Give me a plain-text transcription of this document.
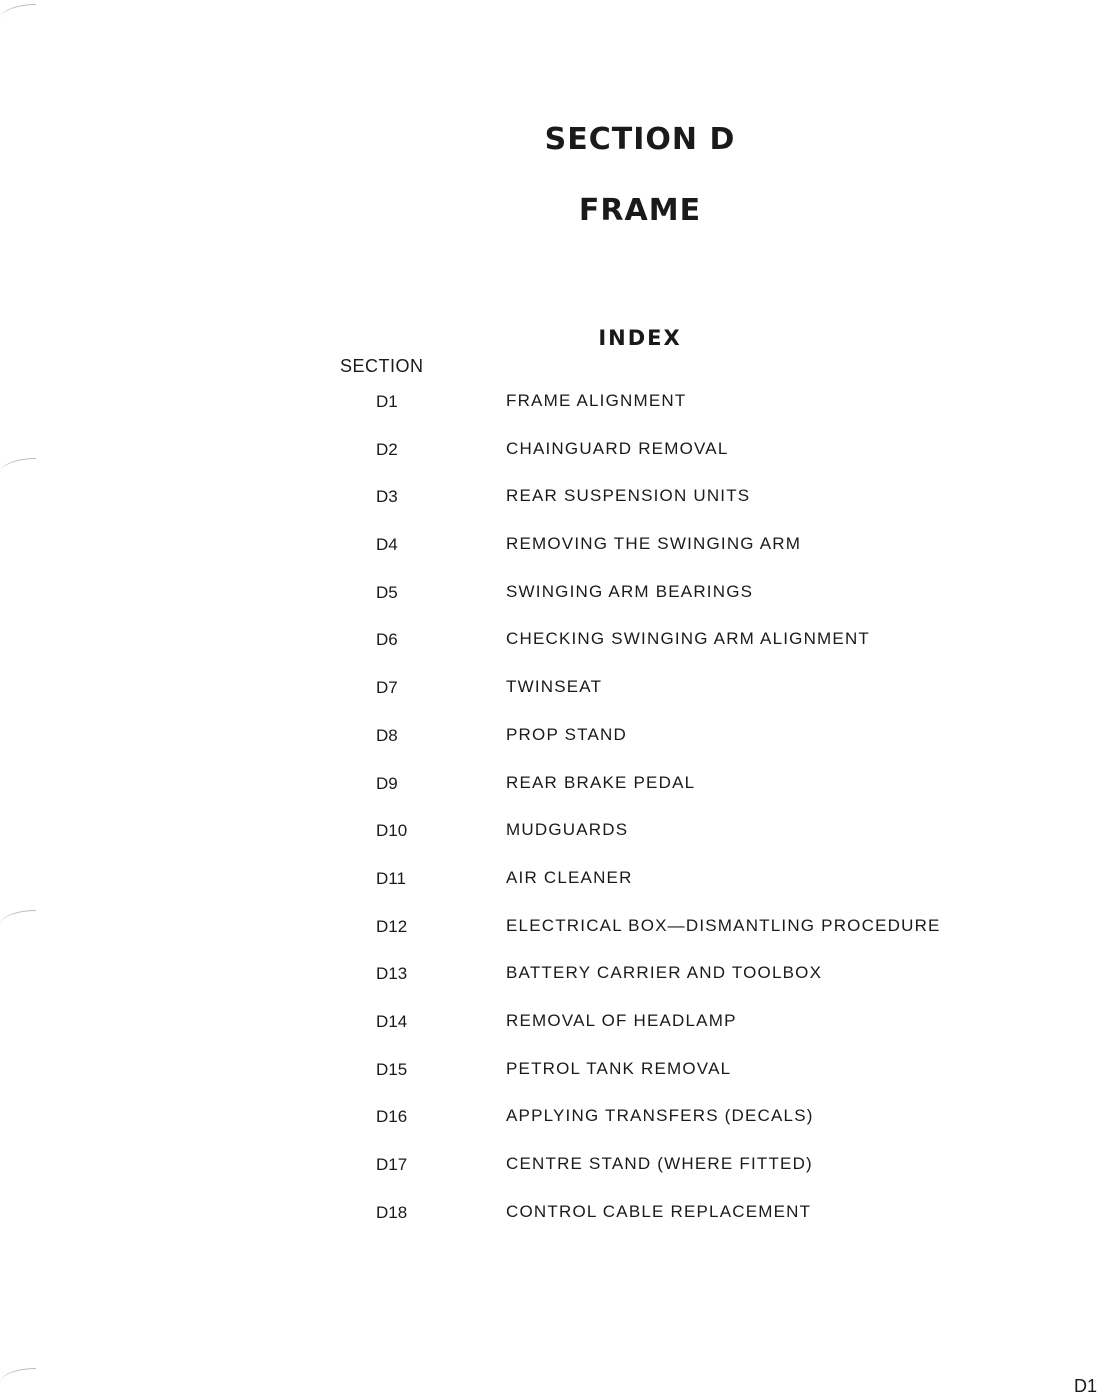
SECTION D
FRAME
INDEX
SECTION
D1	FRAME ALIGNMENT
D2	CHAINGUARD REMOVAL
D3	REAR SUSPENSION UNITS
D4	REMOVING THE SWINGING ARM
D5	SWINGING ARM BEARINGS
D6	CHECKING SWINGING ARM ALIGNMENT
D7	TWINSEAT
D8	PROP STAND
D9	REAR BRAKE PEDAL
D10	MUDGUARDS
D11	AIR CLEANER
D12	ELECTRICAL BOX—DISMANTLING PROCEDURE
D13	BATTERY CARRIER AND TOOLBOX
D14	REMOVAL OF HEADLAMP
D15	PETROL TANK REMOVAL
D16	APPLYING TRANSFERS (DECALS)
D17	CENTRE STAND (WHERE FITTED)
D18	CONTROL CABLE REPLACEMENT
D1
